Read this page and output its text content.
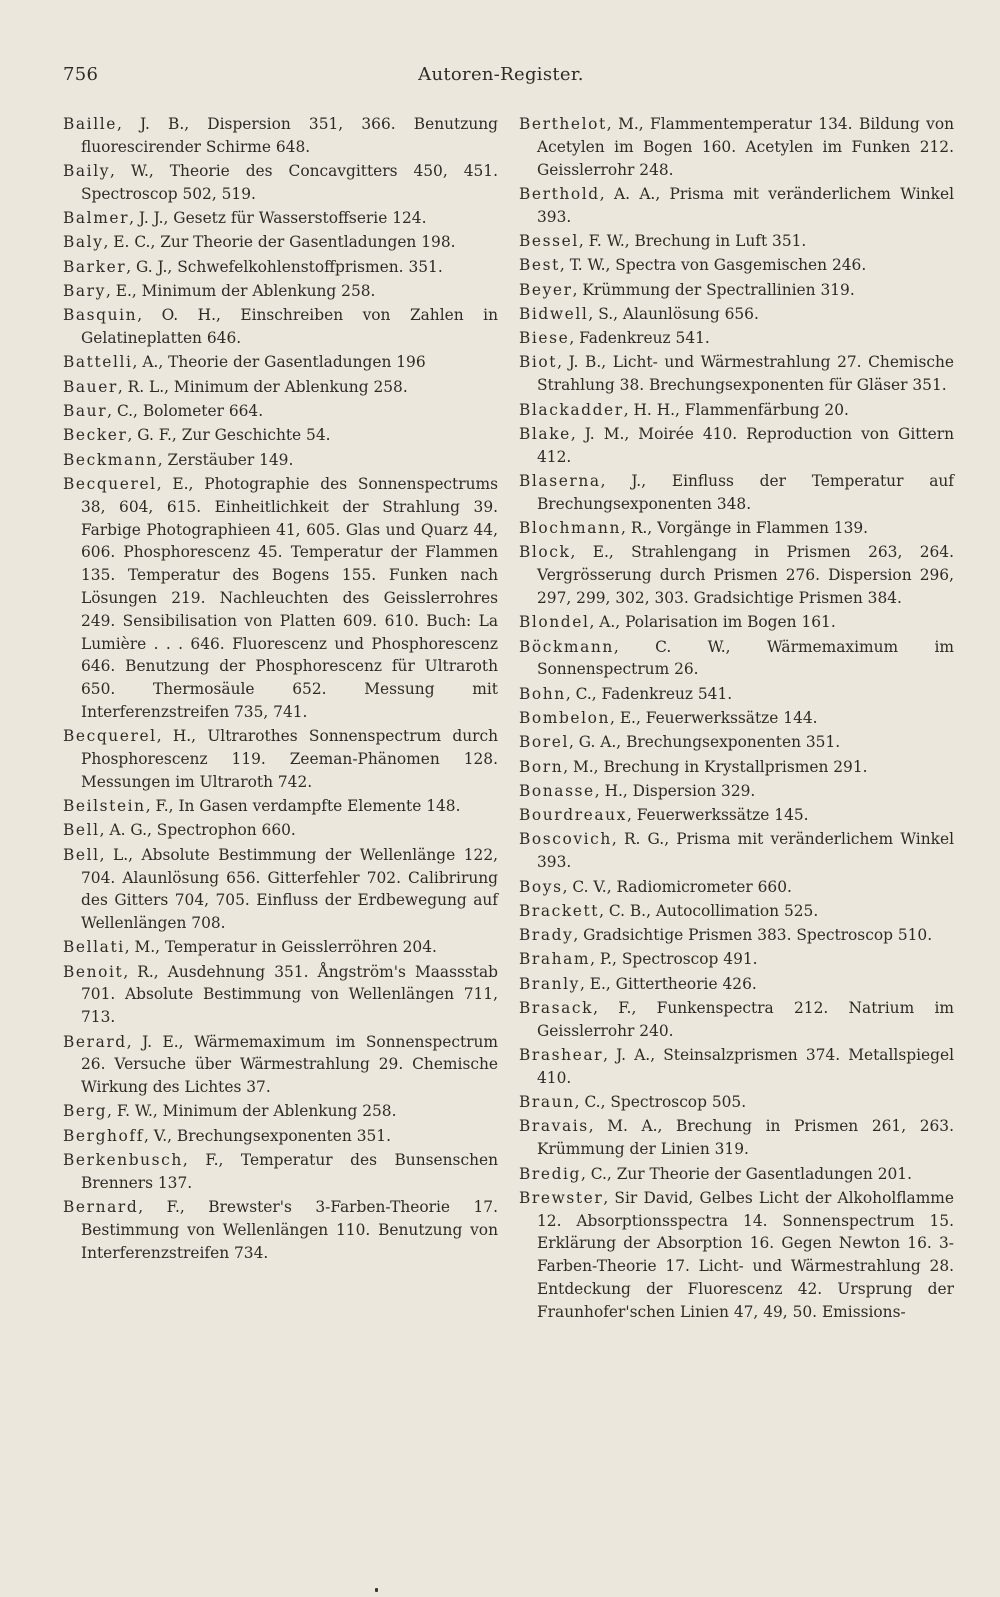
756	Autoren-Register.

Baille, J. B., Dispersion 351, 366. Benutzung fluorescirender Schirme 648.

Baily, W., Theorie des Concavgitters 450, 451. Spectroscop 502, 519.

Balmer, J. J., Gesetz für Wasserstoffserie 124.

Baly, E. C., Zur Theorie der Gasentladungen 198.

Barker, G. J., Schwefelkohlenstoffprismen. 351.

Bary, E., Minimum der Ablenkung 258.

Basquin, O. H., Einschreiben von Zahlen in Gelatineplatten 646.

Battelli, A., Theorie der Gasentladungen 196

Bauer, R. L., Minimum der Ablenkung 258.

Baur, C., Bolometer 664.

Becker, G. F., Zur Geschichte 54.

Beckmann, Zerstäuber 149.

Becquerel, E., Photographie des Sonnenspectrums 38, 604, 615. Einheitlichkeit der Strahlung 39. Farbige Photographieen 41, 605. Glas und Quarz 44, 606. Phosphorescenz 45. Temperatur der Flammen 135. Temperatur des Bogens 155. Funken nach Lösungen 219. Nachleuchten des Geisslerrohres 249. Sensibilisation von Platten 609. 610. Buch: La Lumière . . . 646. Fluorescenz und Phosphorescenz 646. Benutzung der Phosphorescenz für Ultraroth 650. Thermosäule 652. Messung mit Interferenzstreifen 735, 741.

Becquerel, H., Ultrarothes Sonnenspectrum durch Phosphorescenz 119. Zeeman-Phänomen 128. Messungen im Ultraroth 742.

Beilstein, F., In Gasen verdampfte Elemente 148.

Bell, A. G., Spectrophon 660.

Bell, L., Absolute Bestimmung der Wellenlänge 122, 704. Alaunlösung 656. Gitterfehler 702. Calibrirung des Gitters 704, 705. Einfluss der Erdbewegung auf Wellenlängen 708.

Bellati, M., Temperatur in Geisslerröhren 204.

Benoit, R., Ausdehnung 351. Ångström's Maassstab 701. Absolute Bestimmung von Wellenlängen 711, 713.

Berard, J. E., Wärmemaximum im Sonnenspectrum 26. Versuche über Wärmestrahlung 29. Chemische Wirkung des Lichtes 37.

Berg, F. W., Minimum der Ablenkung 258.

Berghoff, V., Brechungsexponenten 351.

Berkenbusch, F., Temperatur des Bunsenschen Brenners 137.

Bernard, F., Brewster's 3-Farben-Theorie 17. Bestimmung von Wellenlängen 110. Benutzung von Interferenzstreifen 734.

Berthelot, M., Flammentemperatur 134. Bildung von Acetylen im Bogen 160. Acetylen im Funken 212. Geisslerrohr 248.

Berthold, A. A., Prisma mit veränderlichem Winkel 393.

Bessel, F. W., Brechung in Luft 351.

Best, T. W., Spectra von Gasgemischen 246.

Beyer, Krümmung der Spectrallinien 319.

Bidwell, S., Alaunlösung 656.

Biese, Fadenkreuz 541.

Biot, J. B., Licht- und Wärmestrahlung 27. Chemische Strahlung 38. Brechungsexponenten für Gläser 351.

Blackadder, H. H., Flammenfärbung 20.

Blake, J. M., Moirée 410. Reproduction von Gittern 412.

Blaserna, J., Einfluss der Temperatur auf Brechungsexponenten 348.

Blochmann, R., Vorgänge in Flammen 139.

Block, E., Strahlengang in Prismen 263, 264. Vergrösserung durch Prismen 276. Dispersion 296, 297, 299, 302, 303. Gradsichtige Prismen 384.

Blondel, A., Polarisation im Bogen 161.

Böckmann, C. W., Wärmemaximum im Sonnenspectrum 26.

Bohn, C., Fadenkreuz 541.

Bombelon, E., Feuerwerkssätze 144.

Borel, G. A., Brechungsexponenten 351.

Born, M., Brechung in Krystallprismen 291.

Bonasse, H., Dispersion 329.

Bourdreaux, Feuerwerkssätze 145.

Boscovich, R. G., Prisma mit veränderlichem Winkel 393.

Boys, C. V., Radiomicrometer 660.

Brackett, C. B., Autocollimation 525.

Brady, Gradsichtige Prismen 383. Spectroscop 510.

Braham, P., Spectroscop 491.

Branly, E., Gittertheorie 426.

Brasack, F., Funkenspectra 212. Natrium im Geisslerrohr 240.

Brashear, J. A., Steinsalzprismen 374. Metallspiegel 410.

Braun, C., Spectroscop 505.

Bravais, M. A., Brechung in Prismen 261, 263. Krümmung der Linien 319.

Bredig, C., Zur Theorie der Gasentladungen 201.

Brewster, Sir David, Gelbes Licht der Alkoholflamme 12. Absorptionsspectra 14. Sonnenspectrum 15. Erklärung der Absorption 16. Gegen Newton 16. 3-Farben-Theorie 17. Licht- und Wärmestrahlung 28. Entdeckung der Fluorescenz 42. Ursprung der Fraunhofer'schen Linien 47, 49, 50. Emissions-
